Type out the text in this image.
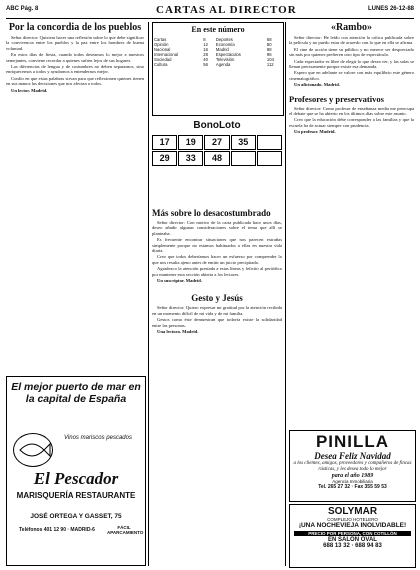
ABC Pág. 8	CARTAS AL DIRECTOR	LUNES 26-12-88
Por la concordia de los pueblos

Señor director: Quisiera hacer una reflexión sobre lo que debe significar la convivencia entre los pueblos y la paz entre los hombres de buena voluntad.

En estos días de fiesta, cuando todos deseamos lo mejor a nuestros semejantes, conviene recordar a quienes sufren lejos de sus hogares.

Las diferencias de lengua y de costumbres no deben separarnos, sino enriquecernos a todos y ayudarnos a entendernos mejor.

Confío en que estas palabras sirvan para que reflexionen quienes tienen en sus manos las decisiones que nos afectan a todos.

Un lector. Madrid.

El mejor puerto de mar en la capital de España
Vinos mariscos pescados
El Pescador
MARISQUERÍA RESTAURANTE
JOSÉ ORTEGA Y GASSET, 75
Teléfonos 401 12 90 · MADRID-6	FÁCIL APARCAMIENTO
En este número
Cartas	8	Deportes	68
Opinión	12	Economía	80
Nacional	16	Madrid	88
Internacional	28	Espectáculos	96
Sociedad	40	Televisión	104
Cultura	56	Agenda	112
BonoLoto
17	19	27	35
29	33	48
Más sobre lo desacostumbrado

Señor director: Con motivo de la carta publicada hace unos días, deseo añadir algunas consideraciones sobre el tema que allí se planteaba.

Es frecuente encontrar situaciones que nos parecen extrañas simplemente porque no estamos habituados a ellas en nuestra vida diaria.

Creo que todos deberíamos hacer un esfuerzo por comprender lo que nos resulta ajeno antes de emitir un juicio precipitado.

Agradezco la atención prestada a estas líneas y felicito al periódico por mantener esta sección abierta a los lectores.

Un suscriptor. Madrid.

Gesto y Jesús

Señor director: Quiero expresar mi gratitud por la atención recibida en un momento difícil de mi vida y de mi familia.

Gestos como éste demuestran que todavía existe la solidaridad entre las personas.

Una lectora. Madrid.

«Rambo»

Señor director: He leído con atención la crítica publicada sobre la película y no puedo estar de acuerdo con lo que en ella se afirma.

El cine de acción tiene su público y no merece ser despreciado sin más por quienes prefieren otro tipo de espectáculo.

Cada espectador es libre de elegir lo que desea ver, y las salas se llenan precisamente porque existe esa demanda.

Espero que en adelante se valore con más equilibrio este género cinematográfico.

Un aficionado. Madrid.

Profesores y preservativos

Señor director: Como profesor de enseñanza media me preocupa el debate que se ha abierto en los últimos días sobre este asunto.

Creo que la educación debe corresponder a las familias y que la escuela ha de actuar siempre con prudencia.

Un profesor. Madrid.

PINILLA
Desea Feliz Navidad
a los clientes, amigos, proveedores y compañeros de fincas rústicas, y les desea todo lo mejor
para el año 1989
Agencia Inmobiliaria
Tel. 265 27 32 · Fax 355 59 53
SOLYMAR
COMPLEJO HOTELERO
¡UNA NOCHEVIEJA INOLVIDABLE!
PRECIO POR PERSONA, CON COTILLÓN
EN SALÓN OVAL
688 13 32 · 688 94 83
